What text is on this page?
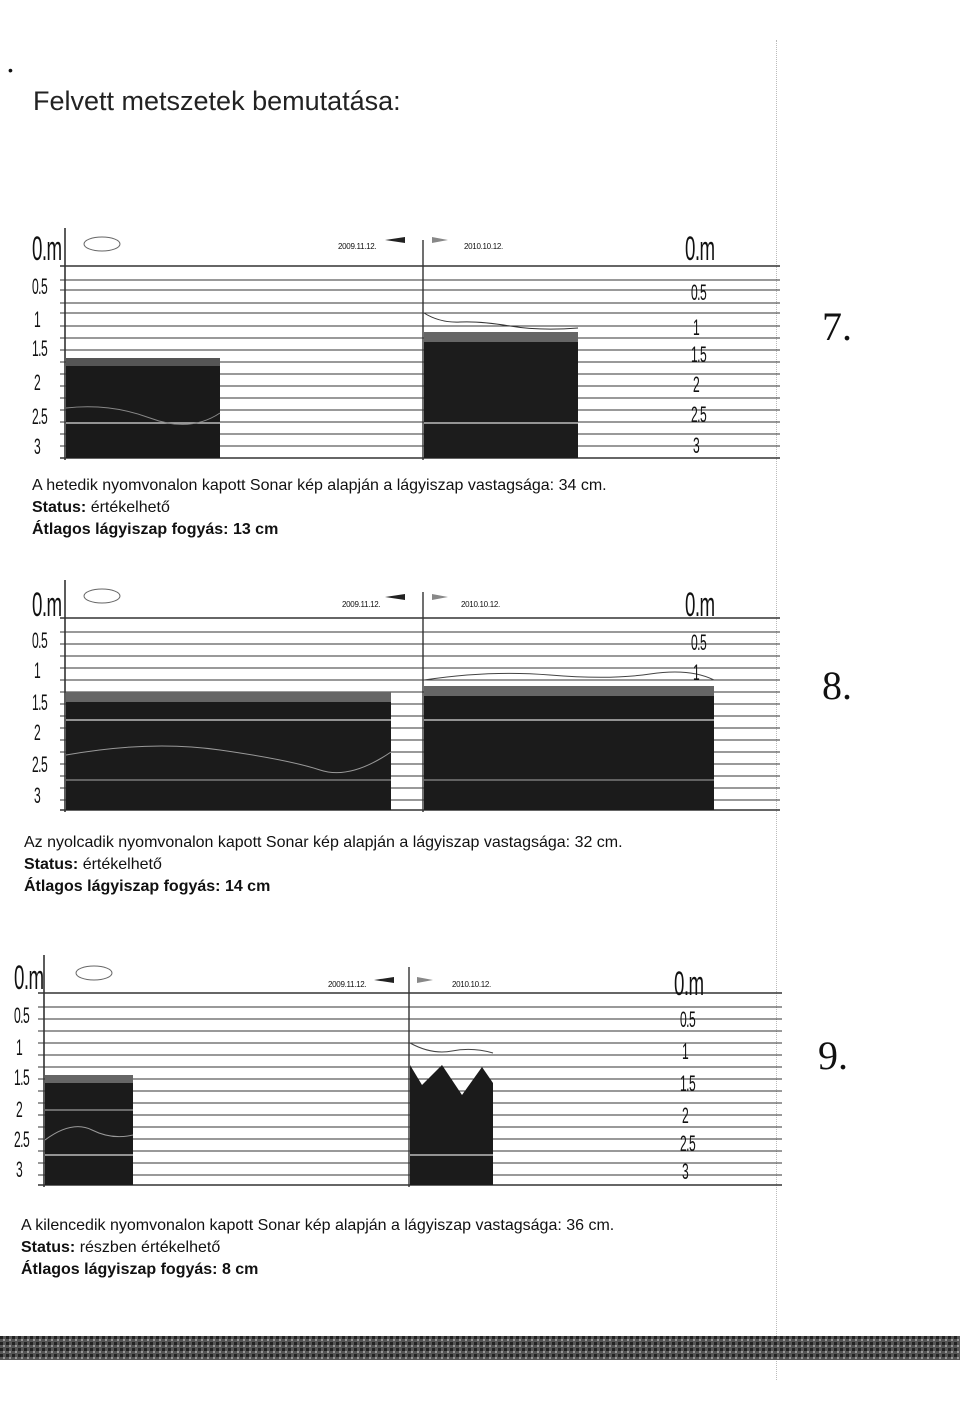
•
Felvett metszetek bemutatása:
0.m
0.5
1
1.5
2
2.5
3
0.m
0.5
1
1.5
2
2.5
3
2009.11.12.	2010.10.12.
7.
A hetedik nyomvonalon kapott Sonar kép alapján a lágyiszap vastagsága: 34 cm.
Status: értékelhető
Átlagos lágyiszap fogyás: 13 cm
0.m
0.5
1
1.5
2
2.5
3
0.m
0.5
1
2009.11.12.	2010.10.12.
8.
Az nyolcadik nyomvonalon kapott Sonar kép alapján a lágyiszap vastagsága: 32 cm.
Status: értékelhető
Átlagos lágyiszap fogyás: 14 cm
0.m
0.5
1
1.5
2
2.5
3
0.m
0.5
1
1.5
2
2.5
3
2009.11.12.	2010.10.12.
9.
A kilencedik nyomvonalon kapott Sonar kép alapján a lágyiszap vastagsága: 36 cm.
Status: részben értékelhető
Átlagos lágyiszap fogyás: 8 cm
